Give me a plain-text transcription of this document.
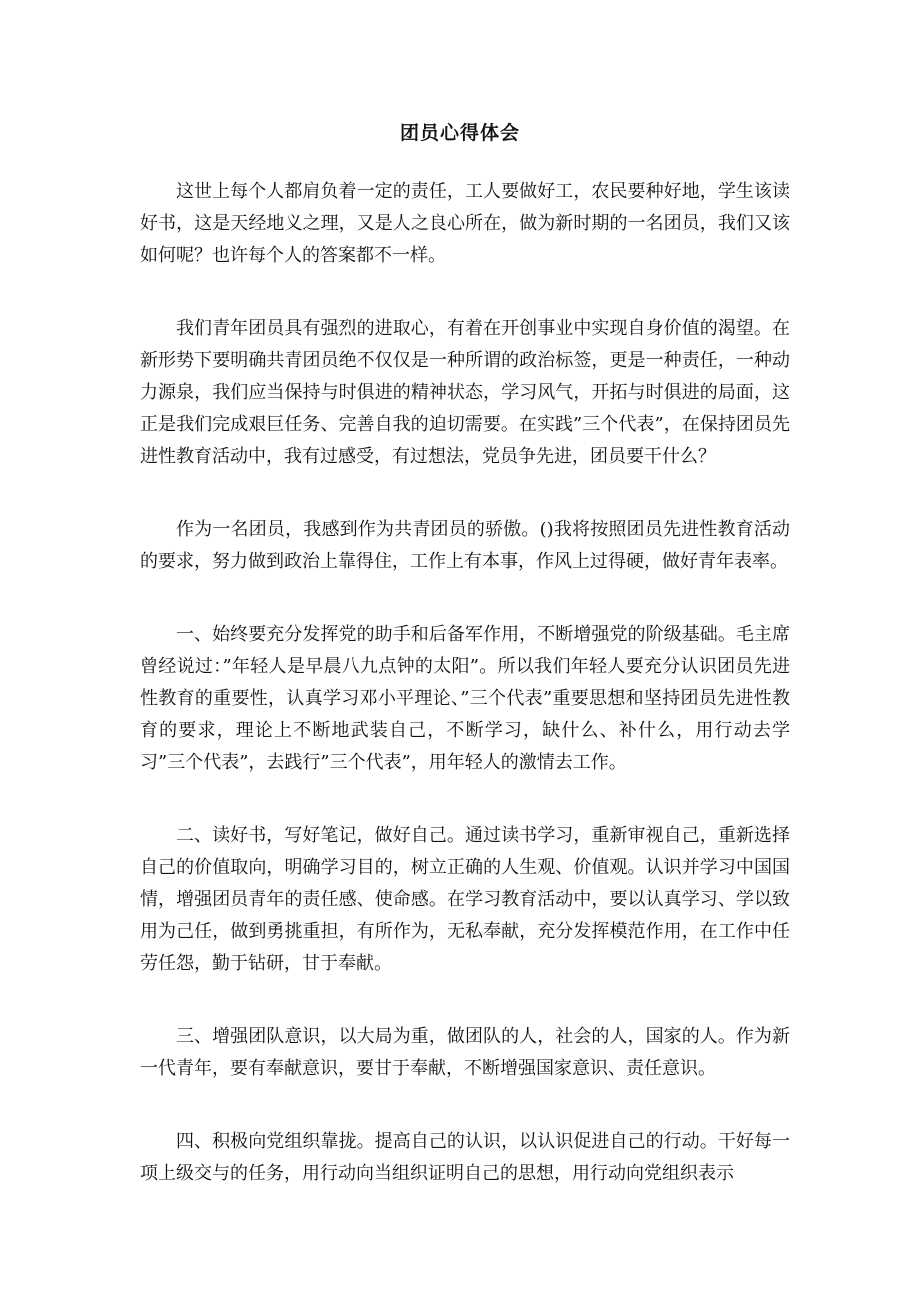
团员心得体会

这世上每个人都肩负着一定的责任，工人要做好工，农民要种好地，学生该读好书，这是天经地义之理，又是人之良心所在，做为新时期的一名团员，我们又该如何呢？也许每个人的答案都不一样。

我们青年团员具有强烈的进取心，有着在开创事业中实现自身价值的渴望。在新形势下要明确共青团员绝不仅仅是一种所谓的政治标签，更是一种责任，一种动力源泉，我们应当保持与时俱进的精神状态，学习风气，开拓与时俱进的局面，这正是我们完成艰巨任务、完善自我的迫切需要。在实践”三个代表”，在保持团员先进性教育活动中，我有过感受，有过想法，党员争先进，团员要干什么？

作为一名团员，我感到作为共青团员的骄傲。()我将按照团员先进性教育活动的要求，努力做到政治上靠得住，工作上有本事，作风上过得硬，做好青年表率。

一、始终要充分发挥党的助手和后备军作用，不断增强党的阶级基础。毛主席曾经说过：”年轻人是早晨八九点钟的太阳”。所以我们年轻人要充分认识团员先进性教育的重要性，认真学习邓小平理论、”三个代表”重要思想和坚持团员先进性教育的要求，理论上不断地武装自己，不断学习，缺什么、补什么，用行动去学习”三个代表”，去践行”三个代表”，用年轻人的激情去工作。

二、读好书，写好笔记，做好自己。通过读书学习，重新审视自己，重新选择自己的价值取向，明确学习目的，树立正确的人生观、价值观。认识并学习中国国情，增强团员青年的责任感、使命感。在学习教育活动中，要以认真学习、学以致用为己任，做到勇挑重担，有所作为，无私奉献，充分发挥模范作用，在工作中任劳任怨，勤于钻研，甘于奉献。

三、增强团队意识，以大局为重，做团队的人，社会的人，国家的人。作为新一代青年，要有奉献意识，要甘于奉献，不断增强国家意识、责任意识。

四、积极向党组织靠拢。提高自己的认识，以认识促进自己的行动。干好每一项上级交与的任务，用行动向当组织证明自己的思想，用行动向党组织表示
